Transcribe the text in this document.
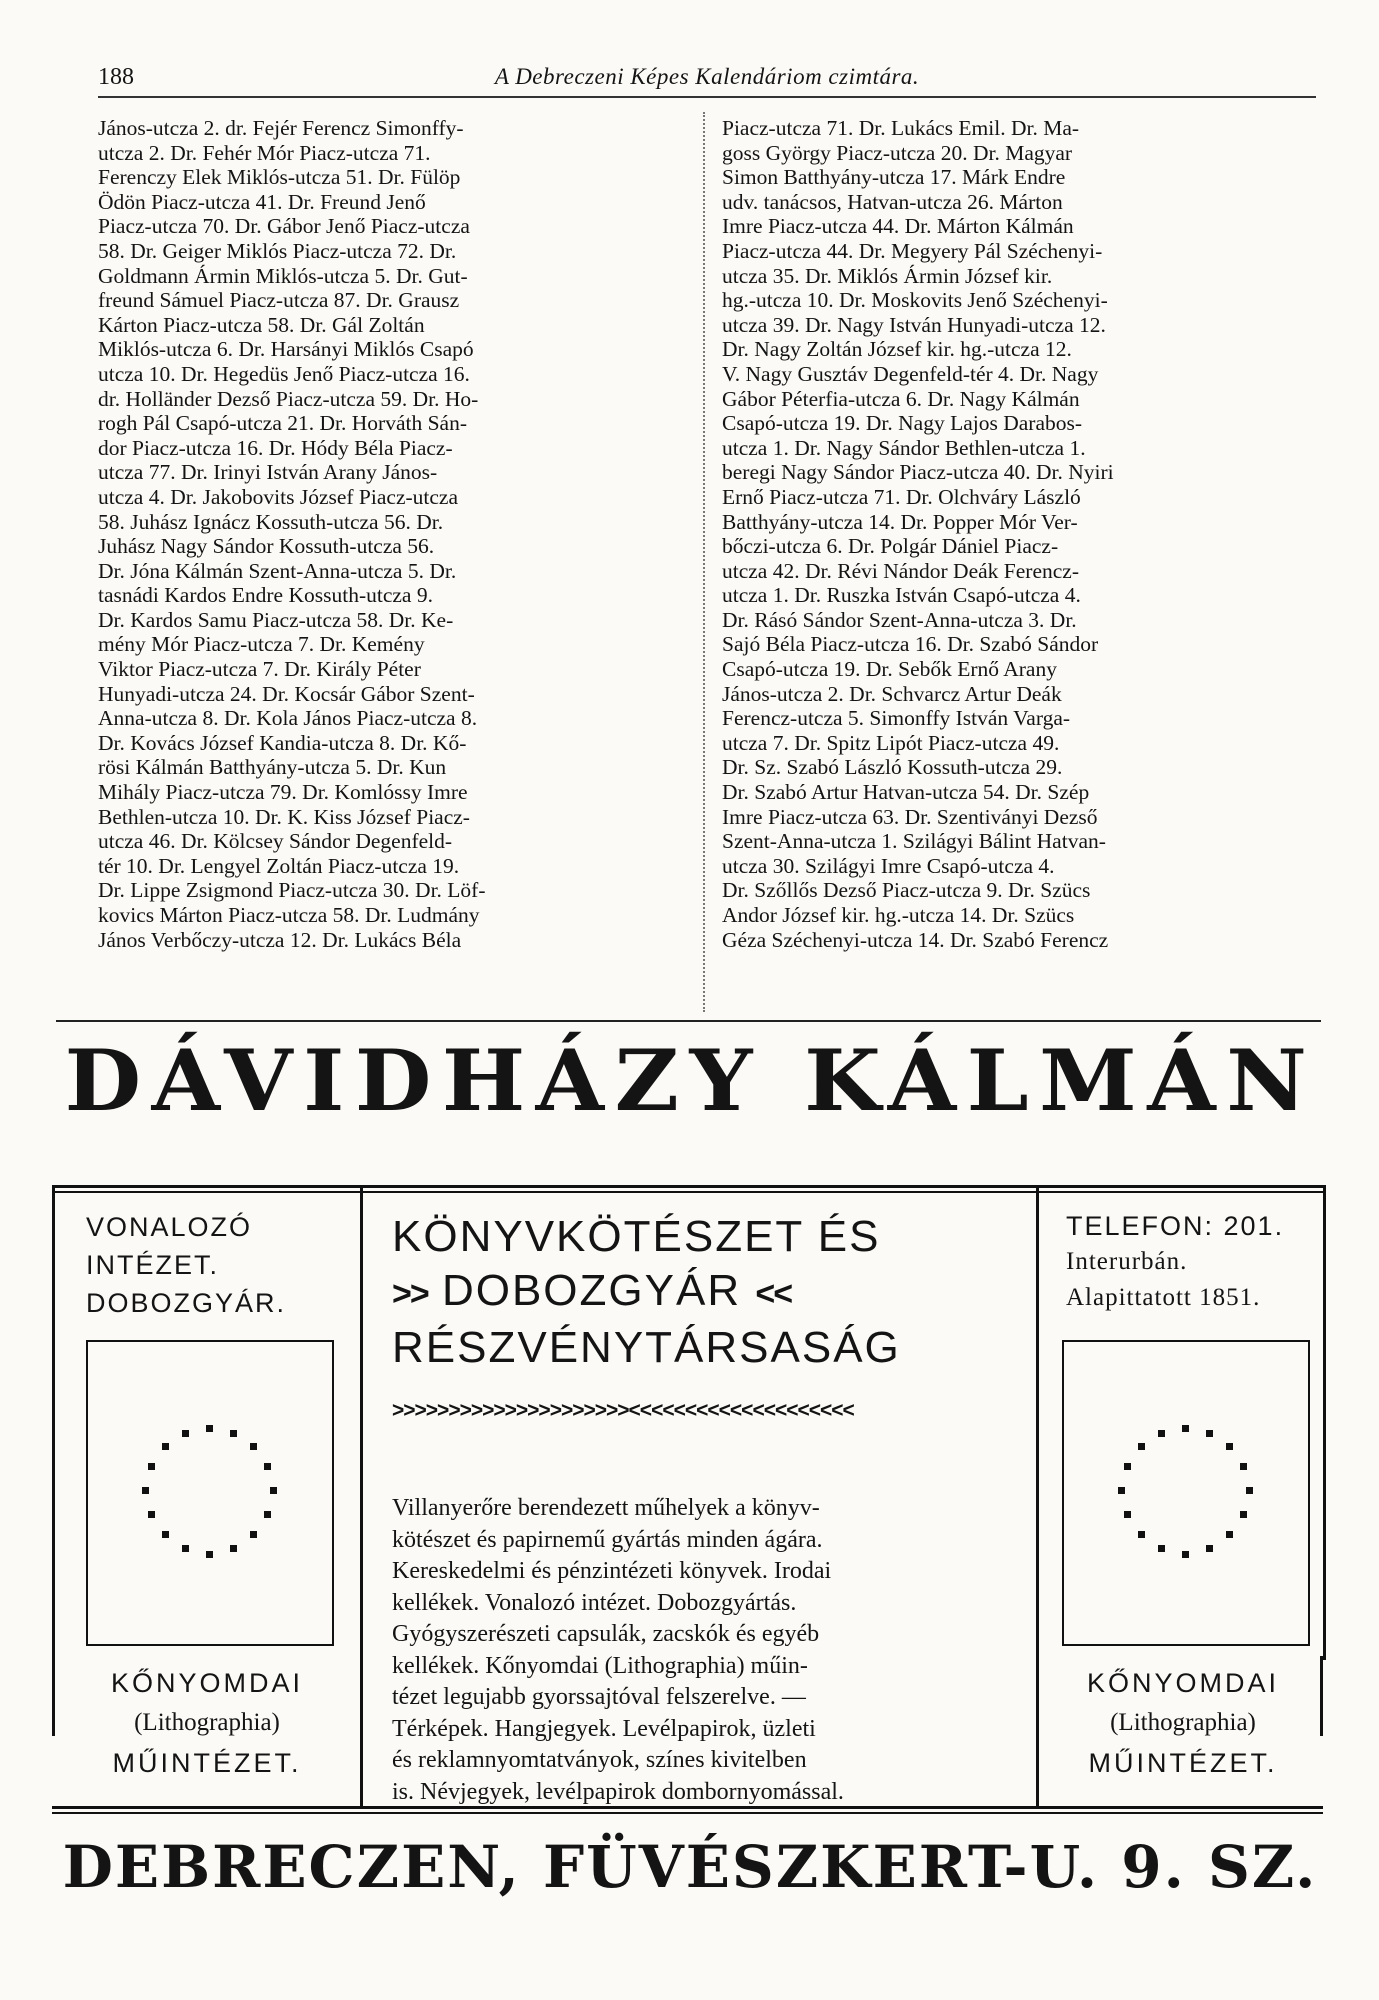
188	A Debreczeni Képes Kalendáriom czimtára.
János-utcza 2. dr. Fejér Ferencz Simonffy-
utcza 2. Dr. Fehér Mór Piacz-utcza 71.
Ferenczy Elek Miklós-utcza 51. Dr. Fülöp
Ödön Piacz-utcza 41. Dr. Freund Jenő
Piacz-utcza 70. Dr. Gábor Jenő Piacz-utcza
58. Dr. Geiger Miklós Piacz-utcza 72. Dr.
Goldmann Ármin Miklós-utcza 5. Dr. Gut-
freund Sámuel Piacz-utcza 87. Dr. Grausz
Kárton Piacz-utcza 58. Dr. Gál Zoltán
Miklós-utcza 6. Dr. Harsányi Miklós Csapó
utcza 10. Dr. Hegedüs Jenő Piacz-utcza 16.
dr. Holländer Dezső Piacz-utcza 59. Dr. Ho-
rogh Pál Csapó-utcza 21. Dr. Horváth Sán-
dor Piacz-utcza 16. Dr. Hódy Béla Piacz-
utcza 77. Dr. Irinyi István Arany János-
utcza 4. Dr. Jakobovits József Piacz-utcza
58. Juhász Ignácz Kossuth-utcza 56. Dr.
Juhász Nagy Sándor Kossuth-utcza 56.
Dr. Jóna Kálmán Szent-Anna-utcza 5. Dr.
tasnádi Kardos Endre Kossuth-utcza 9.
Dr. Kardos Samu Piacz-utcza 58. Dr. Ke-
mény Mór Piacz-utcza 7. Dr. Kemény
Viktor Piacz-utcza 7. Dr. Király Péter
Hunyadi-utcza 24. Dr. Kocsár Gábor Szent-
Anna-utcza 8. Dr. Kola János Piacz-utcza 8.
Dr. Kovács József Kandia-utcza 8. Dr. Kő-
rösi Kálmán Batthyány-utcza 5. Dr. Kun
Mihály Piacz-utcza 79. Dr. Komlóssy Imre
Bethlen-utcza 10. Dr. K. Kiss József Piacz-
utcza 46. Dr. Kölcsey Sándor Degenfeld-
tér 10. Dr. Lengyel Zoltán Piacz-utcza 19.
Dr. Lippe Zsigmond Piacz-utcza 30. Dr. Löf-
kovics Márton Piacz-utcza 58. Dr. Ludmány
János Verbőczy-utcza 12. Dr. Lukács Béla
Piacz-utcza 71. Dr. Lukács Emil. Dr. Ma-
goss György Piacz-utcza 20. Dr. Magyar
Simon Batthyány-utcza 17. Márk Endre
udv. tanácsos, Hatvan-utcza 26. Márton
Imre Piacz-utcza 44. Dr. Márton Kálmán
Piacz-utcza 44. Dr. Megyery Pál Széchenyi-
utcza 35. Dr. Miklós Ármin József kir.
hg.-utcza 10. Dr. Moskovits Jenő Széchenyi-
utcza 39. Dr. Nagy István Hunyadi-utcza 12.
Dr. Nagy Zoltán József kir. hg.-utcza 12.
V. Nagy Gusztáv Degenfeld-tér 4. Dr. Nagy
Gábor Péterfia-utcza 6. Dr. Nagy Kálmán
Csapó-utcza 19. Dr. Nagy Lajos Darabos-
utcza 1. Dr. Nagy Sándor Bethlen-utcza 1.
beregi Nagy Sándor Piacz-utcza 40. Dr. Nyiri
Ernő Piacz-utcza 71. Dr. Olchváry László
Batthyány-utcza 14. Dr. Popper Mór Ver-
bőczi-utcza 6. Dr. Polgár Dániel Piacz-
utcza 42. Dr. Révi Nándor Deák Ferencz-
utcza 1. Dr. Ruszka István Csapó-utcza 4.
Dr. Rásó Sándor Szent-Anna-utcza 3. Dr.
Sajó Béla Piacz-utcza 16. Dr. Szabó Sándor
Csapó-utcza 19. Dr. Sebők Ernő Arany
János-utcza 2. Dr. Schvarcz Artur Deák
Ferencz-utcza 5. Simonffy István Varga-
utcza 7. Dr. Spitz Lipót Piacz-utcza 49.
Dr. Sz. Szabó László Kossuth-utcza 29.
Dr. Szabó Artur Hatvan-utcza 54. Dr. Szép
Imre Piacz-utcza 63. Dr. Szentiványi Dezső
Szent-Anna-utcza 1. Szilágyi Bálint Hatvan-
utcza 30. Szilágyi Imre Csapó-utcza 4.
Dr. Szőllős Dezső Piacz-utcza 9. Dr. Szücs
Andor József kir. hg.-utcza 14. Dr. Szücs
Géza Széchenyi-utcza 14. Dr. Szabó Ferencz
DÁVIDHÁZY KÁLMÁN
VONALOZÓ
INTÉZET.
DOBOZGYÁR.
TELEFON: 201.
Interurbán.
Alapittatott 1851.
KÖNYVKÖTÉSZET ÉS
>> DOBOZGYÁR <<
RÉSZVÉNYTÁRSASÁG
>>>>>>>>>>>>>>>>>>>>><<<<<<<<<<<<<<<<<<<<
Villanyerőre berendezett műhelyek a könyv-
kötészet és papirnemű gyártás minden ágára.
Kereskedelmi és pénzintézeti könyvek. Irodai
kellékek. Vonalozó intézet. Dobozgyártás.
Gyógyszerészeti capsulák, zacskók és egyéb
kellékek. Kőnyomdai (Lithographia) műin-
tézet legujabb gyorssajtóval felszerelve. —
Térképek. Hangjegyek. Levélpapirok, üzleti
és reklamnyomtatványok, színes kivitelben
is. Névjegyek, levélpapirok dombornyomással.
KŐNYOMDAI
(Lithographia)
MŰINTÉZET.
KŐNYOMDAI
(Lithographia)
MŰINTÉZET.
DEBRECZEN, FÜVÉSZKERT-U. 9. SZ.
